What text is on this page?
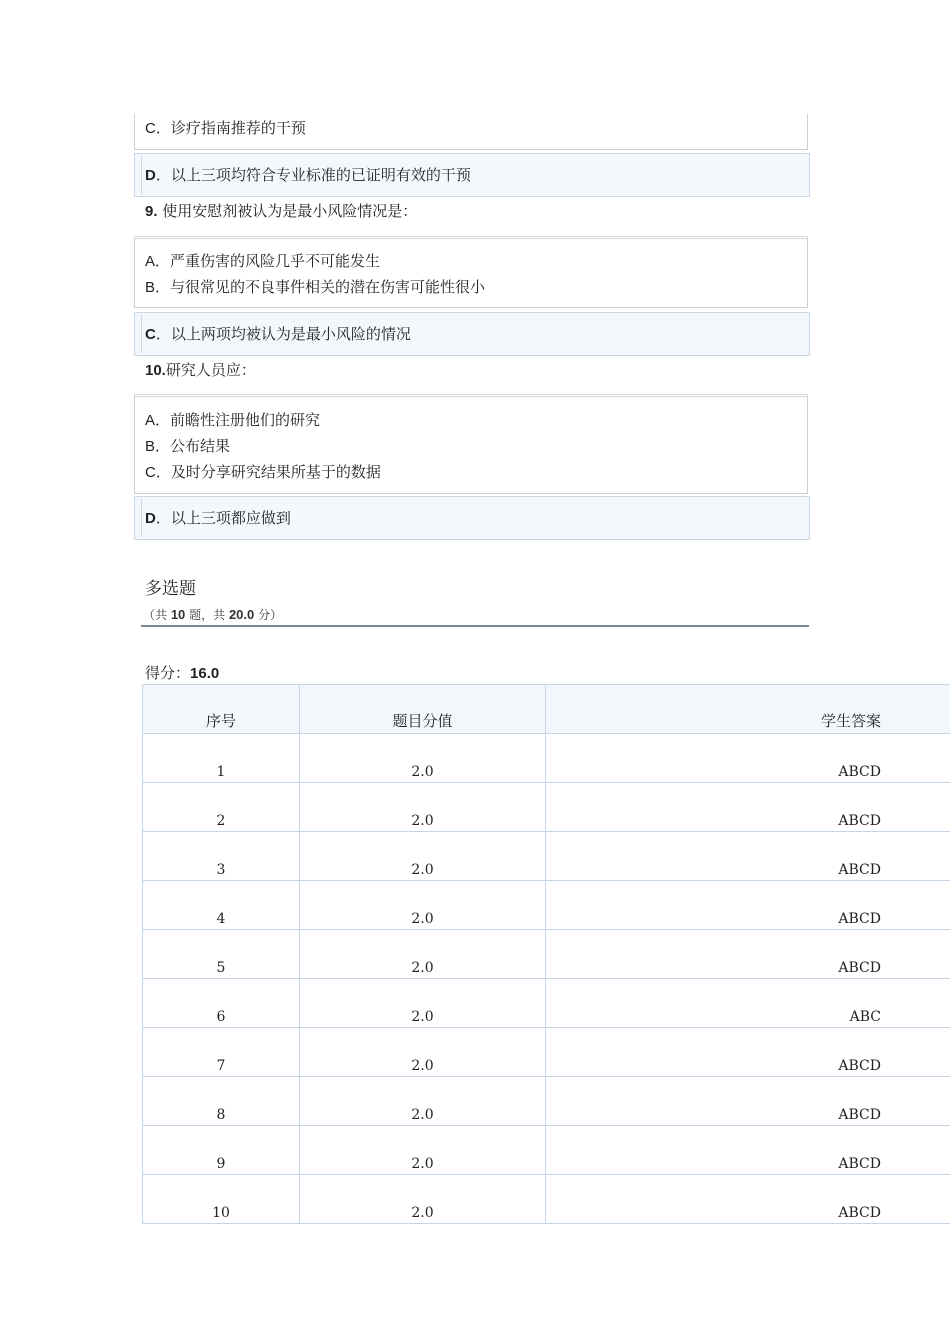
C．诊疗指南推荐的干预
D．以上三项均符合专业标准的已证明有效的干预
9. 使用安慰剂被认为是最小风险情况是：
A．严重伤害的风险几乎不可能发生
B．与很常见的不良事件相关的潜在伤害可能性很小
C．以上两项均被认为是最小风险的情况
10.研究人员应：
A．前瞻性注册他们的研究
B．公布结果
C．及时分享研究结果所基于的数据
D．以上三项都应做到
多选题
（共 10 题，共 20.0 分）
得分：16.0
序号	题目分值	学生答案
1	2.0	ABCD
2	2.0	ABCD
3	2.0	ABCD
4	2.0	ABCD
5	2.0	ABCD
6	2.0	ABC
7	2.0	ABCD
8	2.0	ABCD
9	2.0	ABCD
10	2.0	ABCD
